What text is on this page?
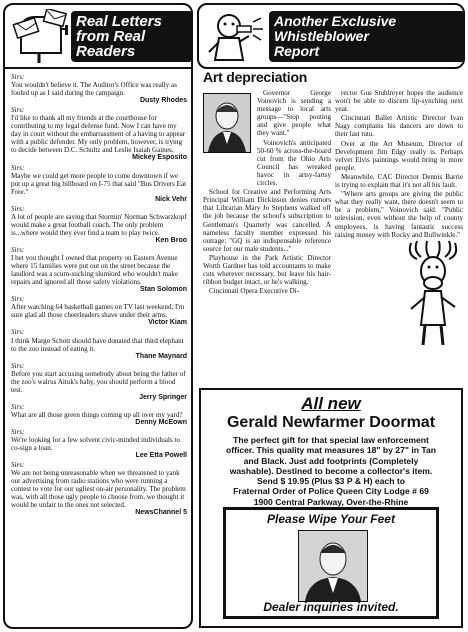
Real Letters
from Real
Readers
Sirs:
You wouldn't believe it. The Auditor's Office was really as fouled up as I said during the campaign.
Dusty Rhodes
Sirs:
I'd like to thank all my friends at the courthouse for contributing to my legal defense fund. Now I can have my day in court without the embarrassment of a having to appear with a public defender. My only problem, however, is trying to decide between D.C. Schultz and Leslie Isaiah Gaines.
Mickey Esposito
Sirs:
Maybe we could get more people to come downtown if we put up a great big billboard on I-75 that said "Bus Drivers Eat Free."
Nick Vehr
Sirs:
A lot of people are saying that Stormin' Norman Schwarzkopf would make a great football coach. The only problem is...where would they ever find a team to play twice.
Ken Broo
Sirs:
I bet you thought I owned that property on Eastern Avenue where 15 families were put out on the street because the landlord was a scum-sucking slumlord who wouldn't make repairs and ignored all those safety violations.
Stan Solomon
Sirs:
After watching 64 basketball games on TV last weekend, I'm sure glad all those cheerleaders shave under their arms.
Victor Kiam
Sirs:
I think Margo Schott should have donated that third elephant to the zoo instead of eating it.
Thane Maynard
Sirs:
Before you start accusing somebody about being the father of the zoo's walrus Aituk's baby, you should perform a blood test.
Jerry Springer
Sirs:
What are all those green things coming up all over my yard?
Denny McEown
Sirs:
We're looking for a few solvent civic-minded individuals to co-sign a loan.
Lee Etta Powell
Sirs:
We are not being unreasonable when we threatened to yank our advertising from radio stations who were running a contest to vote for our ugliest on-air personality. The problem was, with all those ugly people to choose from, we thought it would be unfair to the ones not selected.
NewsChannel 5
Another Exclusive
Whistleblower
Report
Art depreciation

Governor George Voinovich is sending a message to local arts groups—"Stop pouting and give people what they want."

Voinovich's anticipated 50-60 % across-the-board cut from the Ohio Arts Council has wreaked havoc in artsy-fartsy circles.

School for Creative and Performing Arts Principal William Dickinson denies rumors that Librarian Mary Jo Stephens walked off the job because the school's subscription to Gentleman's Quarterly was cancelled. A nameless faculty member expressed his outrage: "GQ is an indispensable reference source for our male students..."

Playhouse in the Park Artistic Director Worth Gardner has told accountants to make cuts wherever necessary, but leave his hair-ribbon budget intact, or he's walking.

Cincinnati Opera Executive Di-

rector Gus Stuhlreyer hopes the audience won't be able to discern lip-synching next year.

Cincinnati Ballet Artistic Director Ivan Nagy complains his dancers are down to their last tutu.

Over at the Art Museum, Director of Development Jim Edgy really is. Perhaps velvet Elvis paintings would bring in more people.

Meanwhile, CAC Director Dennis Barrie is trying to explain that it's not all his fault.

"Where arts groups are giving the public what they really want, there doesn't seem to be a problem," Voinovich said. "Public television, even without the help of county employees, is having fantastic success raising money with Rocky and Bullwinkle."

All new
Gerald Newfarmer Doormat
The perfect gift for that special law enforcement
officer. This quality mat measures 18" by 27" in Tan
and Black. Just add footprints (Completely
washable). Destined to become a collector's item.
Send $ 19.95 (Plus $3 P & H) each to
Fraternal Order of Police Queen City Lodge # 69
1900 Central Parkway, Over-the-Rhine
Please Wipe Your Feet
Dealer inquiries invited.
